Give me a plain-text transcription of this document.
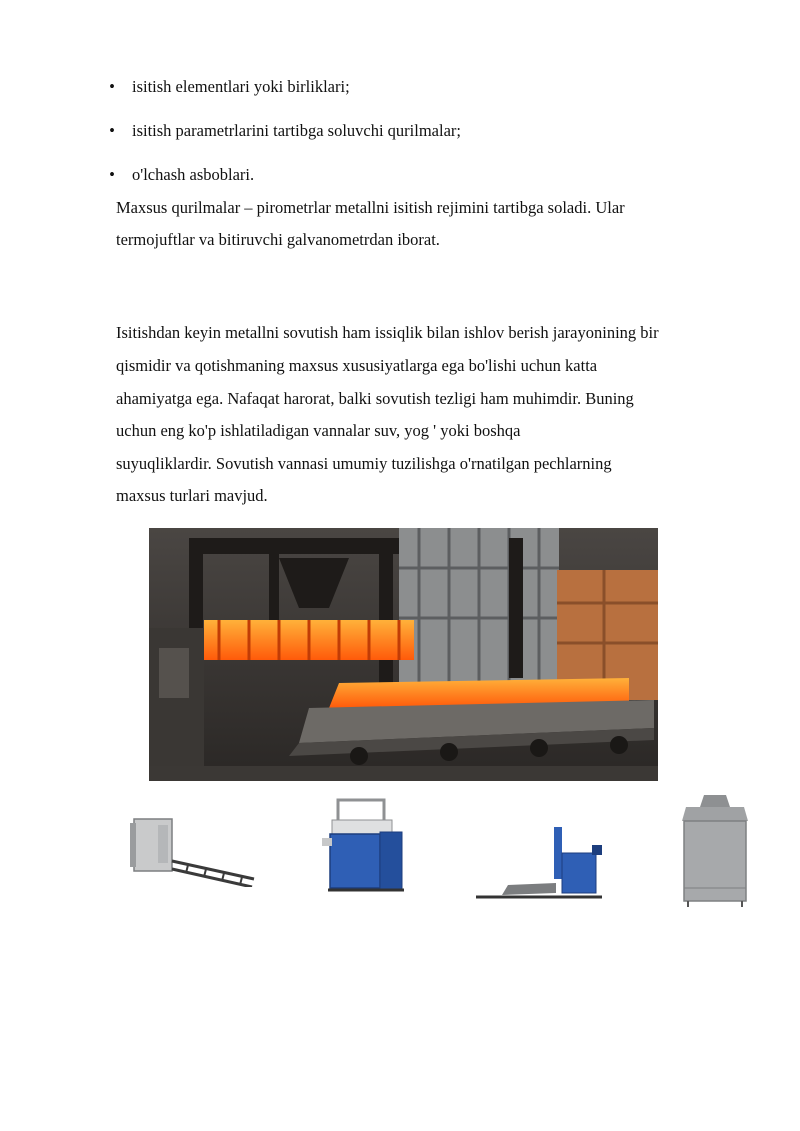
• isitish elementlari yoki birliklari;
• isitish parametrlarini tartibga soluvchi qurilmalar;
• o'lchash asboblari.
Maxsus qurilmalar – pirometrlar metallni isitish rejimini tartibga soladi. Ular
termojuftlar va bitiruvchi galvanometrdan iborat.
Isitishdan keyin metallni sovutish ham issiqlik bilan ishlov berish jarayonining bir
qismidir va qotishmaning maxsus xususiyatlarga ega bo'lishi uchun katta
ahamiyatga ega. Nafaqat harorat, balki sovutish tezligi ham muhimdir. Buning
uchun eng ko'p ishlatiladigan vannalar suv, yog ' yoki boshqa
suyuqliklardir. Sovutish vannasi umumiy tuzilishga o'rnatilgan pechlarning
maxsus turlari mavjud.
